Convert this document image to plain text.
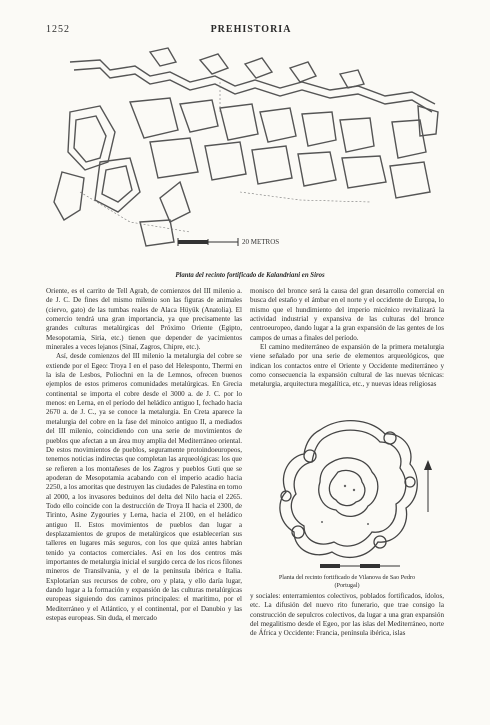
1252	PREHISTORIA
20 METROS
Planta del recinto fortificado de Kalandriani en Siros

Oriente, es el carrito de Tell Agrab, de comienzos del III milenio a. de J. C. De fines del mismo milenio son las figuras de animales (ciervo, gato) de las tumbas reales de Alaca Hüyük (Anatolia). El comercio tendrá una gran importancia, ya que precisamente las grandes culturas metalúrgicas del Próximo Oriente (Egipto, Mesopotamia, Siria, etc.) tienen que depender de yacimientos minerales a veces lejanos (Sinaí, Zagros, Chipre, etc.).

Así, desde comienzos del III milenio la metalurgia del cobre se extiende por el Egeo: Troya I en el paso del Helesponto, Thermi en la isla de Lesbos, Poliochni en la de Lemnos, ofrecen buenos ejemplos de estos primeros comunidades metalúrgicas. En Grecia continental se importa el cobre desde el 3000 a. de J. C. por lo menos: en Lerna, en el período del heládico antiguo I, fechado hacia 2670 a. de J. C., ya se conoce la metalurgia. En Creta aparece la metalurgia del cobre en la fase del minoico antiguo II, a mediados del III milenio, coincidiendo con una serie de movimientos de pueblos que afectan a un área muy amplia del Mediterráneo oriental. De estos movimientos de pueblos, seguramente protoindoeuropeos, tenemos noticias indirectas que completan las arqueológicas: los que se refieren a los montañeses de los Zagros y pueblos Guti que se apoderan de Mesopotamia acabando con el imperio acadio hacia 2250, a los amoritas que destruyen las ciudades de Palestina en torno al 2000, a los invasores beduinos del delta del Nilo hacia el 2265. Todo ello coincide con la destrucción de Troya II hacia el 2300, de Tirinto, Asine Zygouries y Lerna, hacia el 2100, en el heládico antiguo II. Estos movimientos de pueblos dan lugar a desplazamientos de grupos de metalúrgicos que establecerían sus talleres en lugares más seguros, con los que quizá antes habrían tenido ya contactos comerciales. Así en los dos centros más importantes de metalurgia inicial el surgido cerca de los ricos filones mineros de Transilvania, y el de la península ibérica e Italia. Explotarían sus recursos de cobre, oro y plata, y ello daría lugar, dando lugar a la formación y expansión de las culturas metalúrgicas europeas siguiendo dos caminos principales: el marítimo, por el Mediterráneo y el Atlántico, y el continental, por el Danubio y las estepas europeas. Sin duda, el mercado

monisco del bronce será la causa del gran desarrollo comercial en busca del estaño y el ámbar en el norte y el occidente de Europa, lo mismo que el hundimiento del imperio micénico revitalizará la actividad industrial y expansiva de las culturas del bronce centroeuropeo, dando lugar a la gran expansión de las gentes de los campos de urnas a finales del período.

El camino mediterráneo de expansión de la primera metalurgia viene señalado por una serie de elementos arqueológicos, que indican los contactos entre el Oriente y Occidente mediterráneo y como consecuencia la expansión cultural de las nuevas técnicas: metalurgia, arquitectura megalítica, etc., y nuevas ideas religiosas

Planta del recinto fortificado de Vilanova de Sao Pedro
(Portugal)

y sociales: enterramientos colectivos, poblados fortificados, ídolos, etc. La difusión del nuevo rito funerario, que trae consigo la construcción de sepulcros colectivos, da lugar a una gran expansión del megalitismo desde el Egeo, por las islas del Mediterráneo, norte de África y Occidente: Francia, península ibérica, islas
